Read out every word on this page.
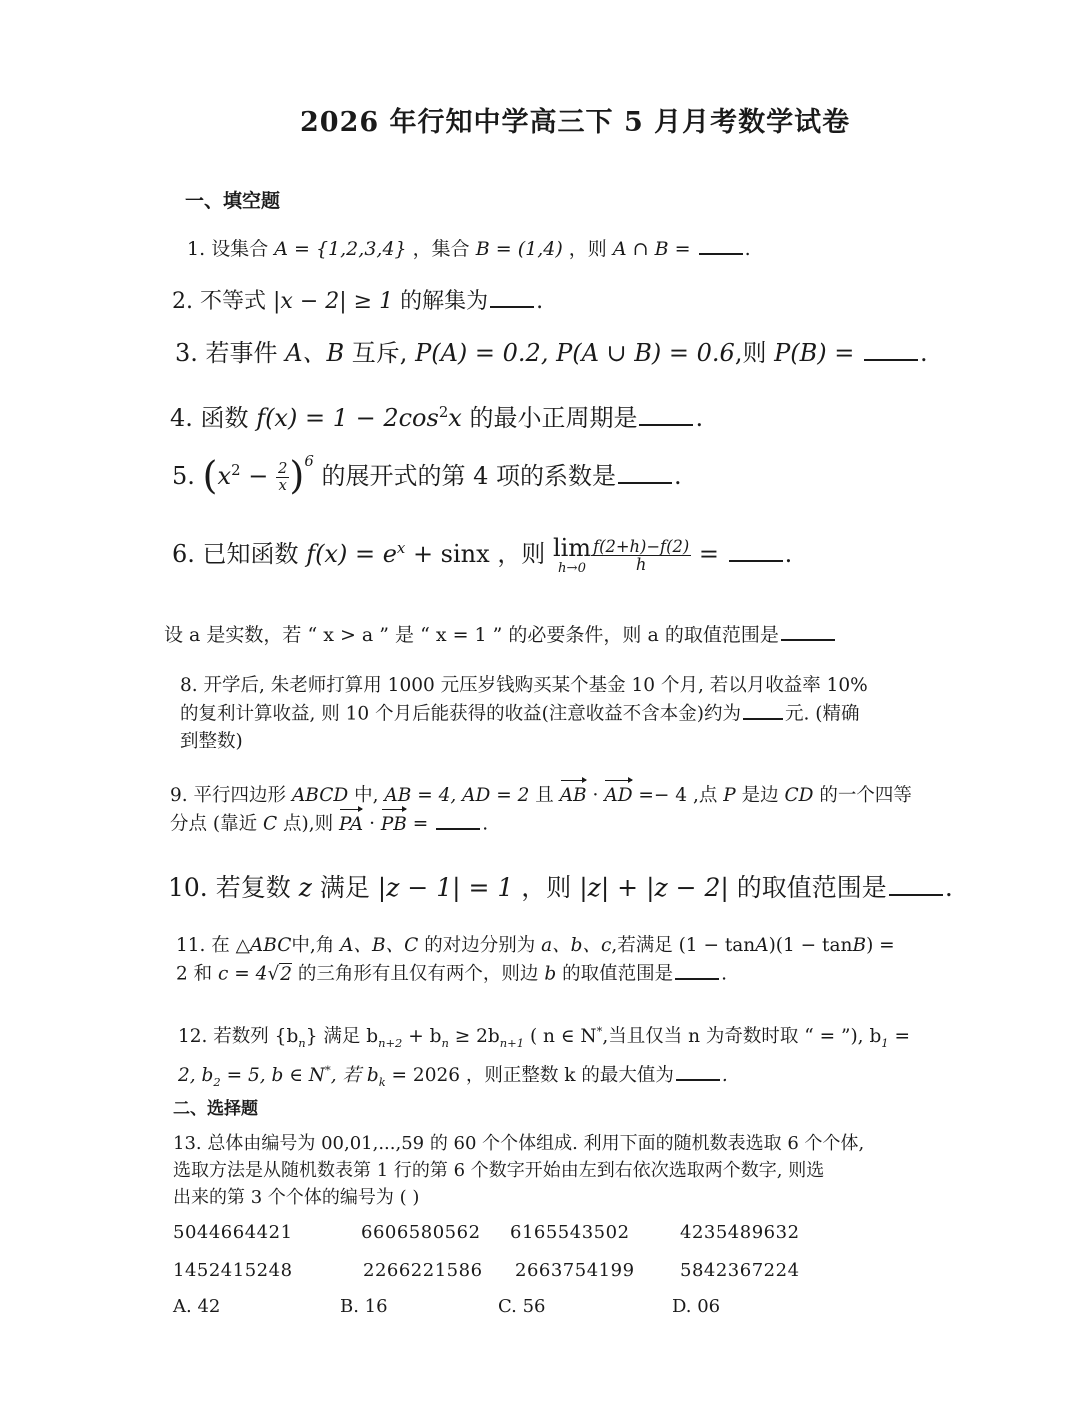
2026 年行知中学高三下 5 月月考数学试卷
一、填空题
1. 设集合 A = {1,2,3,4} ，集合 B = (1,4) ，则 A ∩ B =	.
2. 不等式 |x − 2| ≥ 1 的解集为 .
3. 若事件 A、B 互斥, P(A) = 0.2, P(A ∪ B) = 0.6,则 P(B) =	.
4. 函数 $f(x) = 1 - 2\cos^2x$ 的最小正周期是 .
5. $(x^2 - \frac{2}{x} )^6$ 的展开式的第 4 项的系数是 .
6. 已知函数 $f(x) = e^x + \sin x$ ，则 lim
$h\to 0 \frac{f(2+h)-f(2)}{h}$ =	.
设 a 是实数，若 “ x > a ” 是 “ x = 1 ” 的必要条件，则 a 的取值范围是
8. 开学后, 朱老师打算用 1000 元压岁钱购买某个基金 10 个月, 若以月收益率 10%
的复利计算收益, 则 10 个月后能获得的收益(注意收益不含本金)约为 元. (精确
到整数)
9. 平行四边形 ABCD 中, AB = 4, AD = 2 且 AB · AD =− 4 ,点 P 是边 CD 的一个四等
分点 (靠近 C 点),则 PA · PB =	.
10. 若复数 z 满足 |z − 1| = 1 ，则 |z| + |z − 2| 的取值范围是 .
11. 在 △ABC中,角 A、B、C 的对边分别为 a、b、c,若满足 (1 − tanA)(1 − tanB) =
2 和 c = 4√2 的三角形有且仅有两个，则边 b 的取值范围是	.
12. 若数列 $\{b_n\}$ 满足 $b_{n+2} + b_n \ge 2b_{n+1}$ ( n ∈ N*,当且仅当 n 为奇数时取 “ = ”), $b_1$ =
2, $b_2 = 5$, b ∈ N*, 若 $b_k = 2026$ ，则正整数 k 的最大值为	.
二、选择题
13. 总体由编号为 00,01,...,59 的 60 个个体组成. 利用下面的随机数表选取 6 个个体,
选取方法是从随机数表第 1 行的第 6 个数字开始由左到右依次选取两个数字, 则选
出来的第 3 个个体的编号为 ( )
5044664421	6606580562 6165543502	4235489632
1452415248	2266221586 2663754199	5842367224
A. 42	B. 16	C. 56	D. 06
